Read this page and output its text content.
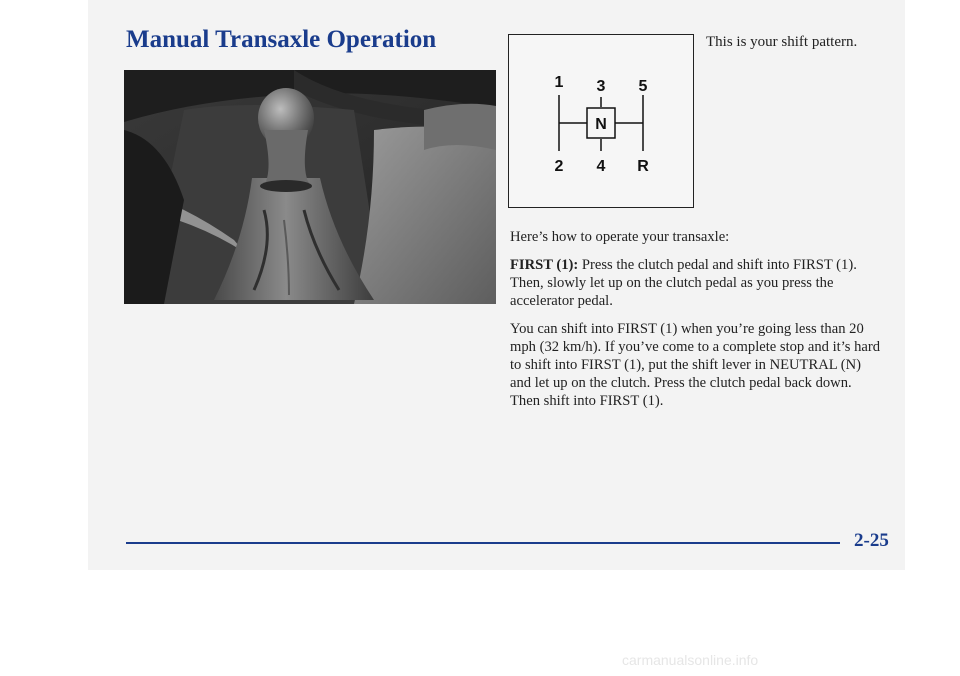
Manual Transaxle Operation
1 3 5
N
2 4 R

This is your shift pattern.

Here’s how to operate your transaxle:

FIRST (1): Press the clutch pedal and shift into FIRST (1). Then, slowly let up on the clutch pedal as you press the accelerator pedal.

You can shift into FIRST (1) when you’re going less than 20 mph (32 km/h). If you’ve come to a complete stop and it’s hard to shift into FIRST (1), put the shift lever in NEUTRAL (N) and let up on the clutch. Press the clutch pedal back down. Then shift into FIRST (1).

2-25

carmanualsonline.info
